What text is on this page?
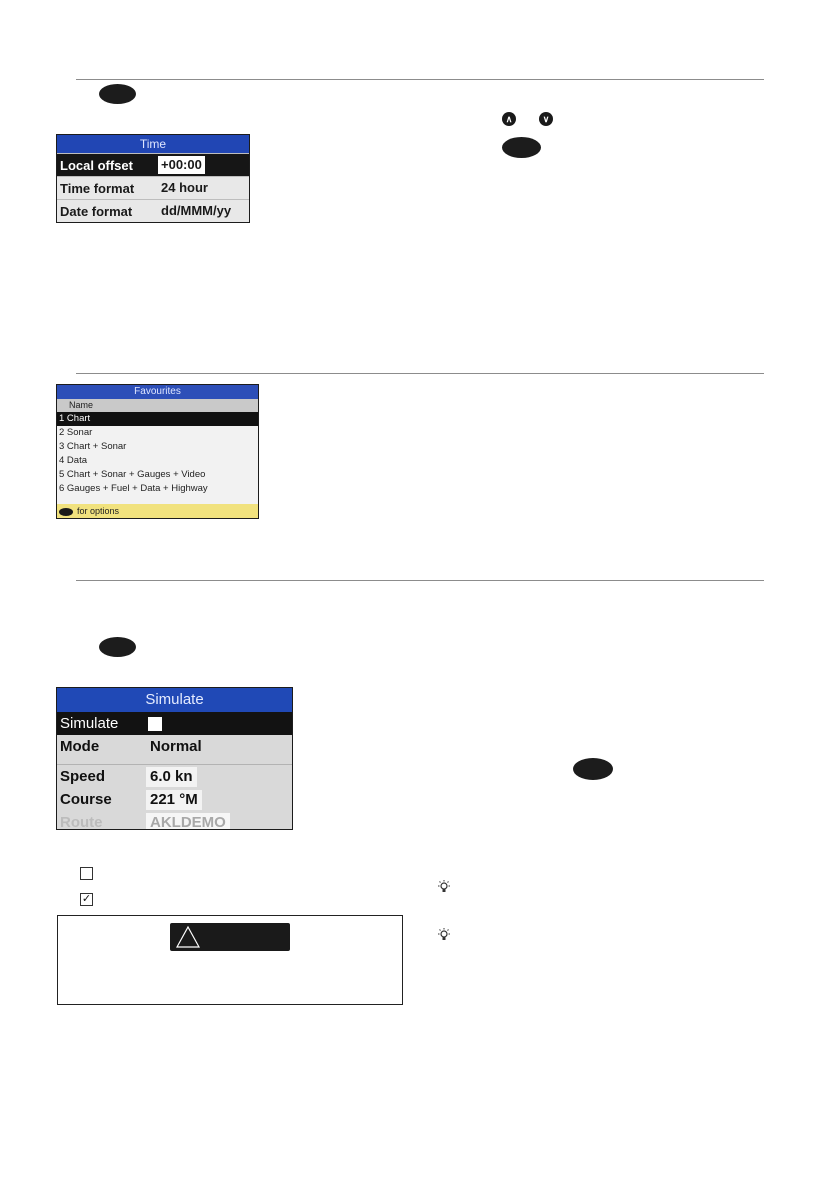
∧	∨
Time
Local offset	+00:00
Time format	24 hour
Date format	dd/MMM/yy
Favourites
Name
1 Chart
2 Sonar
3 Chart + Sonar
4 Data
5 Chart + Sonar + Gauges + Video
6 Gauges + Fuel + Data + Highway
for options
Simulate
Simulate
Mode	Normal
Speed	6.0 kn
Course	221 °M
Route	AKLDEMO
✓
